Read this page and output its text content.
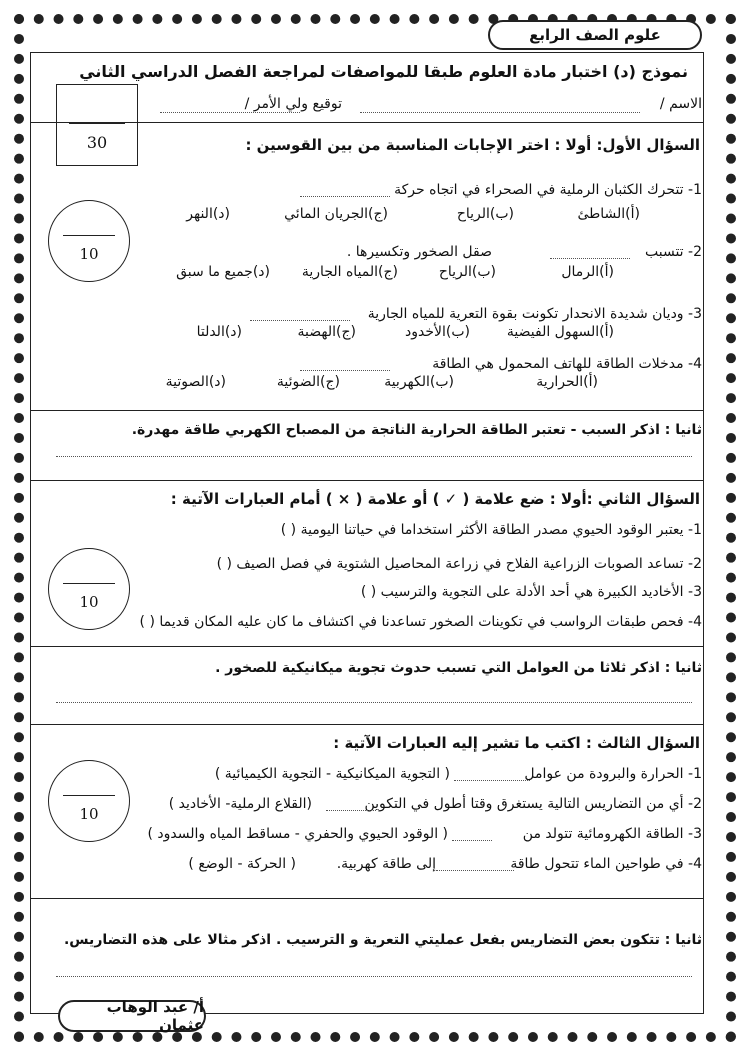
علوم الصف الرابع
نموذج (د) اختبار مادة العلوم طبقا للمواصفات لمراجعة الفصل الدراسي الثاني
الاسم /
توقيع ولي الأمر /
30	السؤال الأول: أولا : اختر الإجابات المناسبة من بين القوسين :
10
1- تتحرك الكثبان الرملية في الصحراء في اتجاه حركة
(أ)الشاطئ
(ب)الرياح
(ج)الجريان المائي
(د)النهر
2- تتسبب
صقل الصخور وتكسيرها .
(أ)الرمال
(ب)الرياح
(ج)المياه الجارية
(د)جميع ما سبق
3- وديان شديدة الانحدار تكونت بقوة التعرية للمياه الجارية
(أ)السهول الفيضية
(ب)الأخدود
(ج)الهضبة
(د)الدلتا
4- مدخلات الطاقة للهاتف المحمول هي الطاقة
(أ)الحرارية
(ب)الكهربية
(ج)الضوئية
(د)الصوتية
ثانيا : اذكر السبب - تعتبر الطاقة الحرارية الناتجة من المصباح الكهربي طاقة مهدرة.
السؤال الثاني :أولا : ضع علامة ( ✓ ) أو علامة ( × ) أمام العبارات الآتية :
10
1- يعتبر الوقود الحيوي مصدر الطاقة الأكثر استخداما في حياتنا اليومية ( )
2- تساعد الصوبات الزراعية الفلاح في زراعة المحاصيل الشتوية في فصل الصيف ( )
3- الأخاديد الكبيرة هي أحد الأدلة على التجوية والترسيب ( )
4- فحص طبقات الرواسب في تكوينات الصخور تساعدنا في اكتشاف ما كان عليه المكان قديما ( )
ثانيا : اذكر ثلاثا من العوامل التي تسبب حدوث تجوية ميكانيكية للصخور .
السؤال الثالث : اكتب ما تشير إليه العبارات الآتية :
10
1- الحرارة والبرودة من عوامل
( التجوية الميكانيكية - التجوية الكيميائية )
2- أي من التضاريس التالية يستغرق وقتا أطول في التكوين
(القلاع الرملية- الأخاديد )
3- الطاقة الكهرومائية تتولد من
( الوقود الحيوي والحفري - مساقط المياه والسدود )
4- في طواحين الماء تتحول طاقة
إلى طاقة كهربية.
( الحركة - الوضع )
ثانيا : تتكون بعض التضاريس بفعل عمليتي التعرية و الترسيب . اذكر مثالا على هذه التضاريس.
أ/ عبد الوهاب عثمان
